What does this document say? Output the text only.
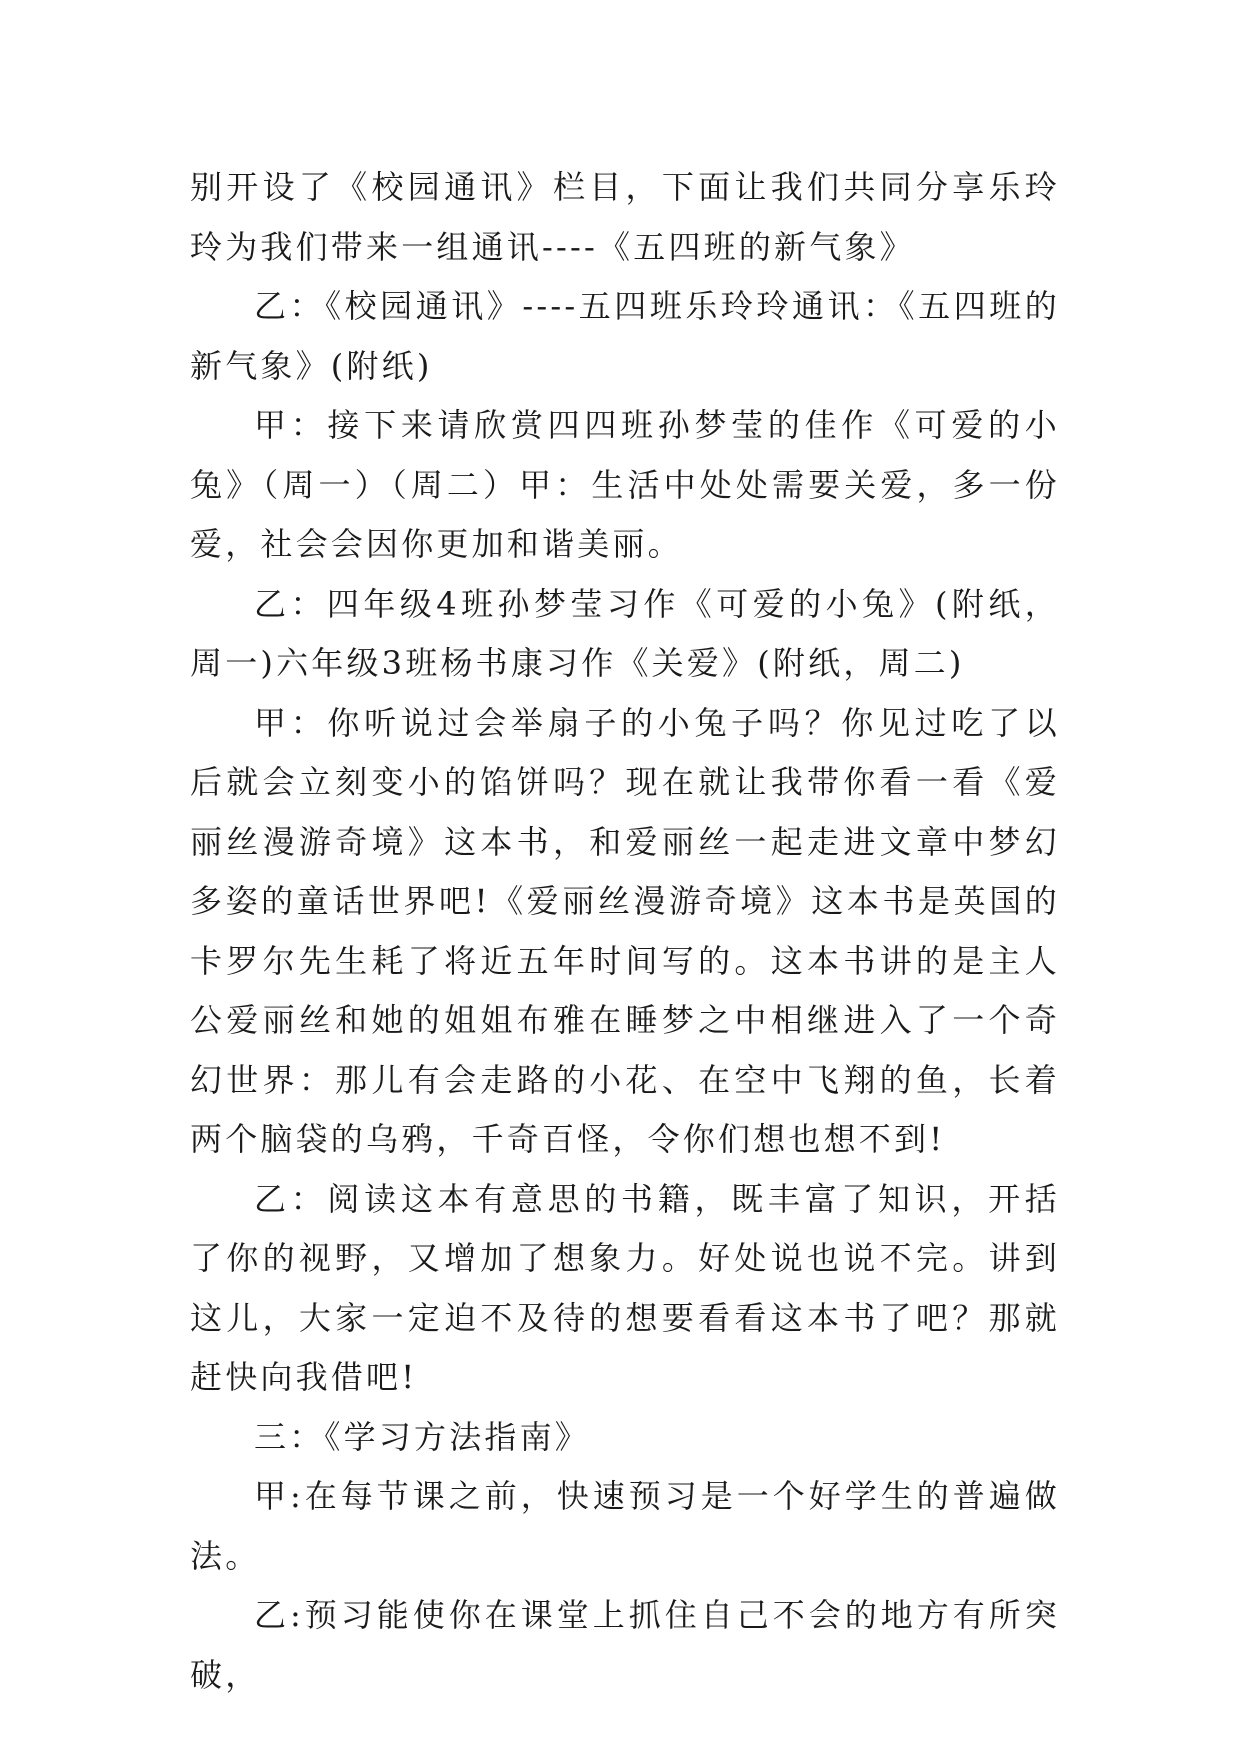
别开设了《校园通讯》栏目，下面让我们共同分享乐玲玲为我们带来一组通讯----《五四班的新气象》

乙：《校园通讯》----五四班乐玲玲通讯：《五四班的新气象》(附纸)

甲：接下来请欣赏四四班孙梦莹的佳作《可爱的小兔》（周一）（周二）甲：生活中处处需要关爱，多一份爱，社会会因你更加和谐美丽。

乙：四年级4班孙梦莹习作《可爱的小兔》(附纸，周一)六年级3班杨书康习作《关爱》(附纸，周二)

甲：你听说过会举扇子的小兔子吗？你见过吃了以后就会立刻变小的馅饼吗？现在就让我带你看一看《爱丽丝漫游奇境》这本书，和爱丽丝一起走进文章中梦幻多姿的童话世界吧!《爱丽丝漫游奇境》这本书是英国的卡罗尔先生耗了将近五年时间写的。这本书讲的是主人公爱丽丝和她的姐姐布雅在睡梦之中相继进入了一个奇幻世界：那儿有会走路的小花、在空中飞翔的鱼，长着两个脑袋的乌鸦，千奇百怪，令你们想也想不到!

乙：阅读这本有意思的书籍，既丰富了知识，开括了你的视野，又增加了想象力。好处说也说不完。讲到这儿，大家一定迫不及待的想要看看这本书了吧？那就赶快向我借吧!

三：《学习方法指南》

甲:在每节课之前，快速预习是一个好学生的普遍做法。

乙:预习能使你在课堂上抓住自己不会的地方有所突破，
